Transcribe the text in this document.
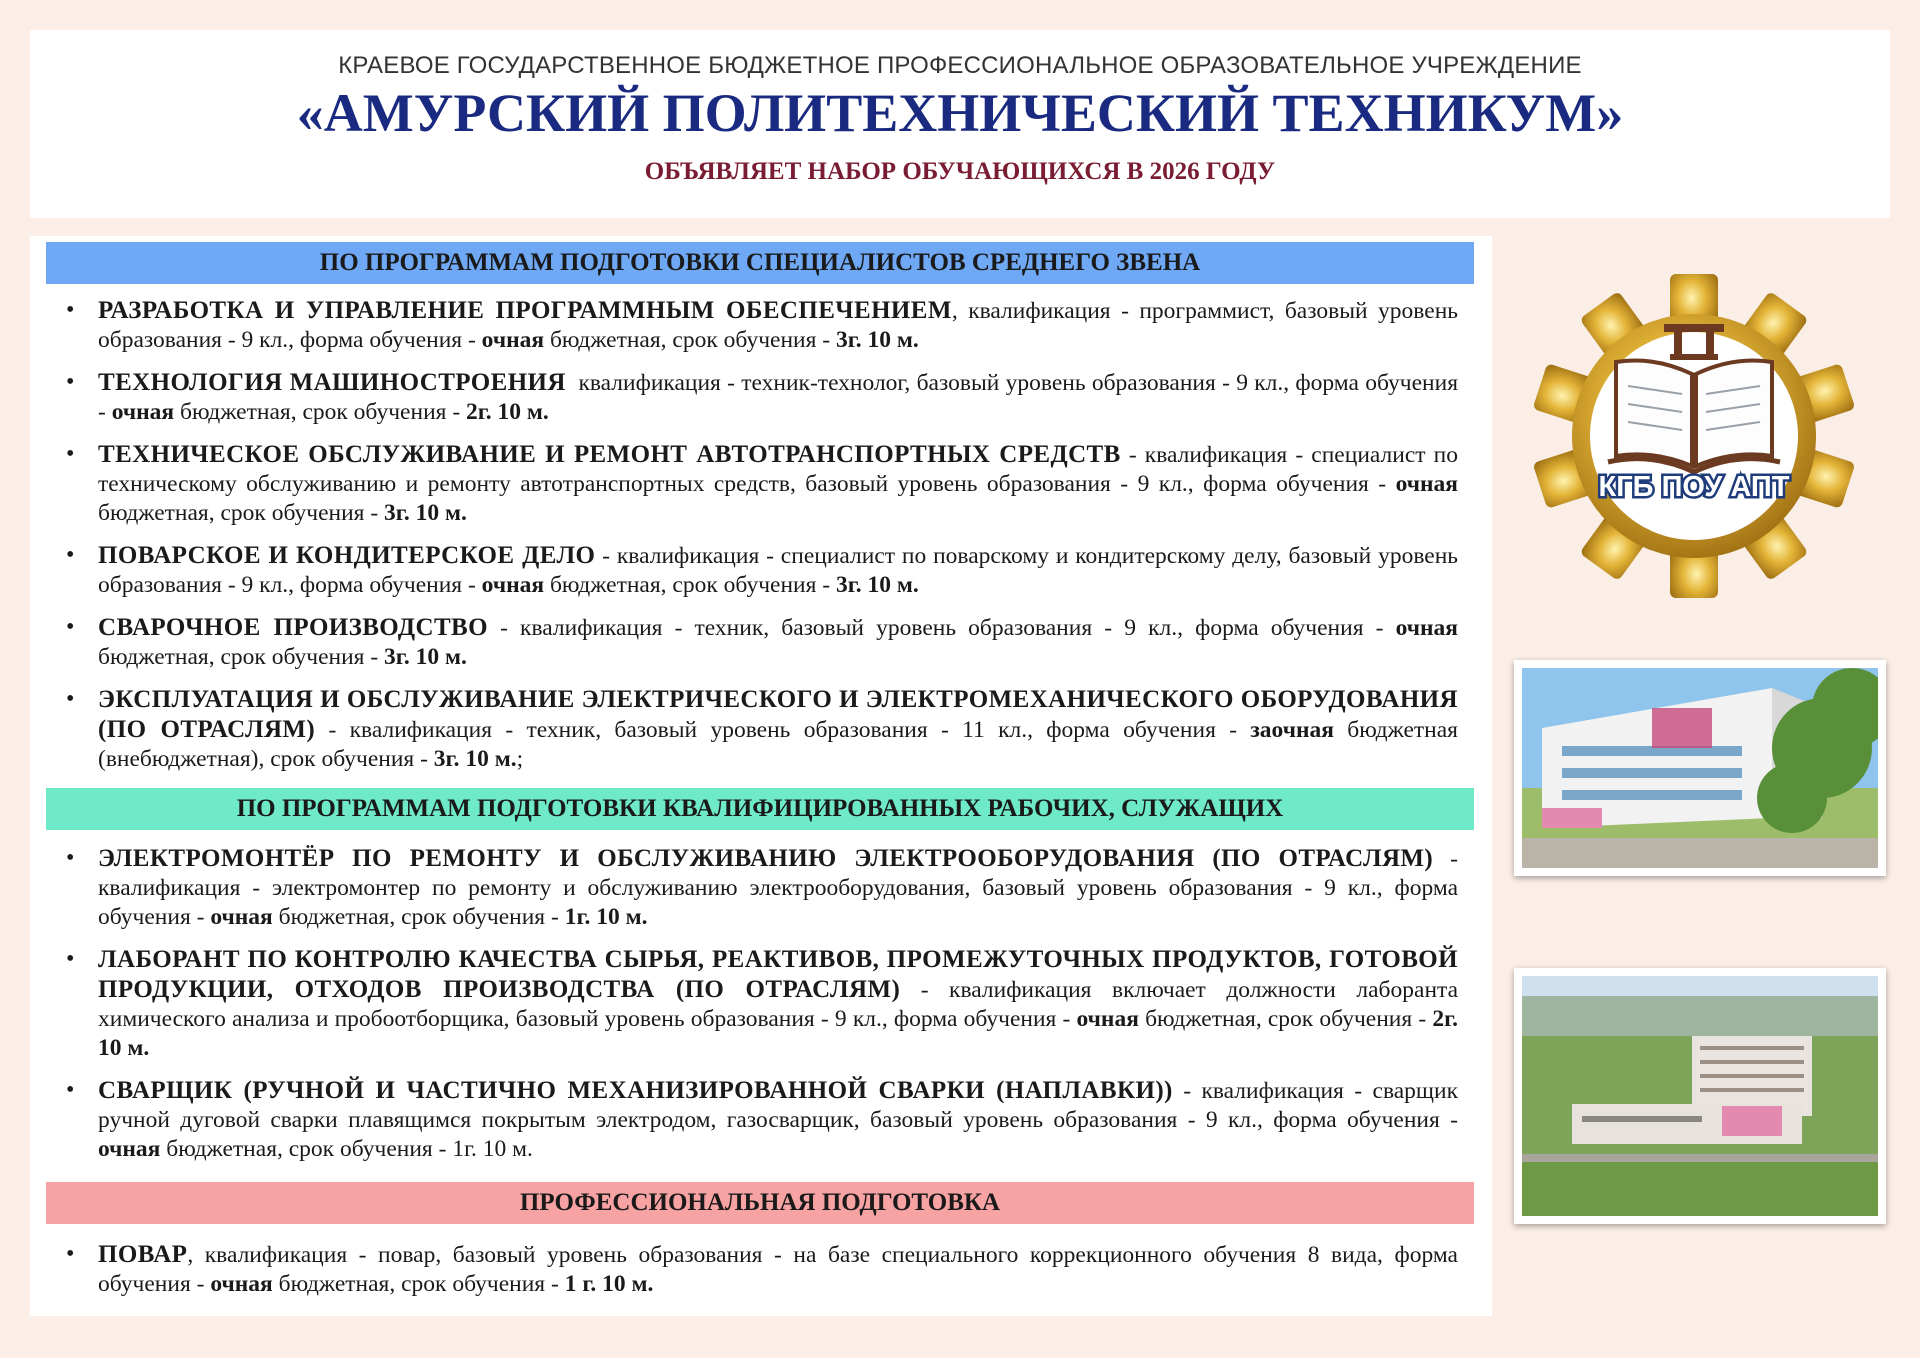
КРАЕВОЕ ГОСУДАРСТВЕННОЕ БЮДЖЕТНОЕ ПРОФЕССИОНАЛЬНОЕ ОБРАЗОВАТЕЛЬНОЕ УЧРЕЖДЕНИЕ
«АМУРСКИЙ ПОЛИТЕХНИЧЕСКИЙ ТЕХНИКУМ»
ОБЪЯВЛЯЕТ НАБОР ОБУЧАЮЩИХСЯ В 2026 ГОДУ
ПО ПРОГРАММАМ ПОДГОТОВКИ СПЕЦИАЛИСТОВ СРЕДНЕГО ЗВЕНА
• РАЗРАБОТКА И УПРАВЛЕНИЕ ПРОГРАММНЫМ ОБЕСПЕЧЕНИЕМ, квалификация - программист, базовый уровень образования - 9 кл., форма обучения - очная бюджетная, срок обучения - 3г. 10 м.
• ТЕХНОЛОГИЯ МАШИНОСТРОЕНИЯ  квалификация - техник-технолог, базовый уровень образования - 9 кл., форма обучения - очная бюджетная, срок обучения - 2г. 10 м.
• ТЕХНИЧЕСКОЕ ОБСЛУЖИВАНИЕ И РЕМОНТ АВТОТРАНСПОРТНЫХ СРЕДСТВ - квалификация - специалист по техническому обслуживанию и ремонту автотранспортных средств, базовый уровень образования - 9 кл., форма обучения - очная бюджетная, срок обучения - 3г. 10 м.
• ПОВАРСКОЕ И КОНДИТЕРСКОЕ ДЕЛО - квалификация - специалист по поварскому и кондитерскому делу, базовый уровень образования - 9 кл., форма обучения - очная бюджетная, срок обучения - 3г. 10 м.
• СВАРОЧНОЕ ПРОИЗВОДСТВО - квалификация - техник, базовый уровень образования - 9 кл., форма обучения - очная бюджетная, срок обучения - 3г. 10 м.
• ЭКСПЛУАТАЦИЯ И ОБСЛУЖИВАНИЕ ЭЛЕКТРИЧЕСКОГО И ЭЛЕКТРОМЕХАНИЧЕСКОГО ОБОРУДОВАНИЯ (ПО ОТРАСЛЯМ) - квалификация - техник, базовый уровень образования - 11 кл., форма обучения - заочная бюджетная (внебюджетная), срок обучения - 3г. 10 м.;
ПО ПРОГРАММАМ ПОДГОТОВКИ КВАЛИФИЦИРОВАННЫХ РАБОЧИХ, СЛУЖАЩИХ
• ЭЛЕКТРОМОНТЁР ПО РЕМОНТУ И ОБСЛУЖИВАНИЮ ЭЛЕКТРООБОРУДОВАНИЯ (ПО ОТРАСЛЯМ) - квалификация - электромонтер по ремонту и обслуживанию электрооборудования, базовый уровень образования - 9 кл., форма обучения - очная бюджетная, срок обучения - 1г. 10 м.
• ЛАБОРАНТ ПО КОНТРОЛЮ КАЧЕСТВА СЫРЬЯ, РЕАКТИВОВ, ПРОМЕЖУТОЧНЫХ ПРОДУКТОВ, ГОТОВОЙ ПРОДУКЦИИ, ОТХОДОВ ПРОИЗВОДСТВА (ПО ОТРАСЛЯМ) - квалификация включает должности лаборанта химического анализа и пробоотборщика, базовый уровень образования - 9 кл., форма обучения - очная бюджетная, срок обучения - 2г. 10 м.
• СВАРЩИК (РУЧНОЙ И ЧАСТИЧНО МЕХАНИЗИРОВАННОЙ СВАРКИ (НАПЛАВКИ)) - квалификация - сварщик ручной дуговой сварки плавящимся покрытым электродом, газосварщик, базовый уровень образования - 9 кл., форма обучения - очная бюджетная, срок обучения - 1г. 10 м.
ПРОФЕССИОНАЛЬНАЯ ПОДГОТОВКА
• ПОВАР, квалификация - повар, базовый уровень образования - на базе специального коррекционного обучения 8 вида, форма обучения - очная бюджетная, срок обучения - 1 г. 10 м.
КГБ ПОУ АПТ
